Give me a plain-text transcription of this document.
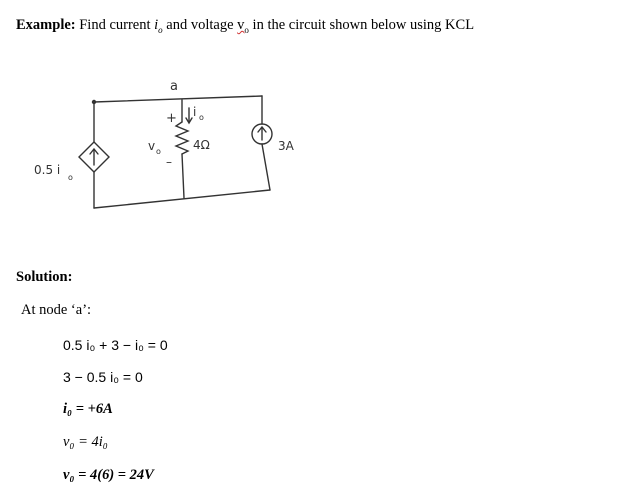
Example: Find current $i_o$ and voltage $v_o$ in the circuit shown below using KCL
a
0.5 i
o
i o
+
v o
–
4Ω	3A
Solution:
At node ‘a’:
0.5 i₀ + 3 − i₀ = 0
3 − 0.5 i₀ = 0
i₀ = +6A
v₀ = 4i₀
v₀ = 4(6) = 24V
